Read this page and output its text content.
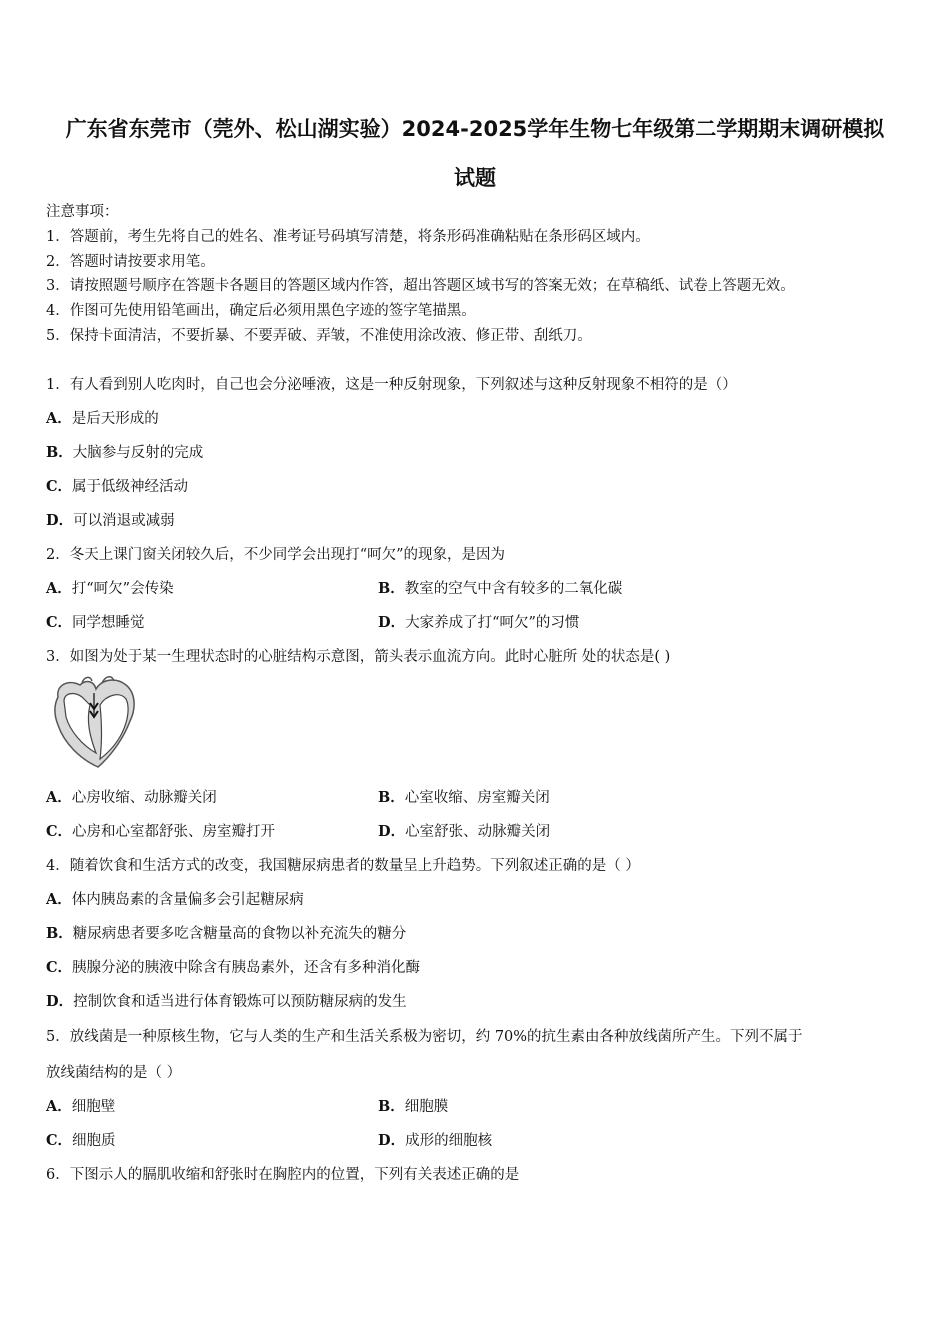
广东省东莞市（莞外、松山湖实验）2024-2025学年生物七年级第二学期期末调研模拟
试题
注意事项：
1．答题前，考生先将自己的姓名、准考证号码填写清楚，将条形码准确粘贴在条形码区域内。
2．答题时请按要求用笔。
3．请按照题号顺序在答题卡各题目的答题区域内作答，超出答题区域书写的答案无效；在草稿纸、试卷上答题无效。
4．作图可先使用铅笔画出，确定后必须用黑色字迹的签字笔描黑。
5．保持卡面清洁，不要折暴、不要弄破、弄皱，不准使用涂改液、修正带、刮纸刀。
1．有人看到别人吃肉时，自己也会分泌唾液，这是一种反射现象，下列叙述与这种反射现象不相符的是（）
A．是后天形成的
B．大脑参与反射的完成
C．属于低级神经活动
D．可以消退或减弱
2．冬天上课门窗关闭较久后，不少同学会出现打“呵欠”的现象，是因为
A．打“呵欠”会传染	B．教室的空气中含有较多的二氧化碳
C．同学想睡觉	D．大家养成了打“呵欠”的习惯
3．如图为处于某一生理状态时的心脏结构示意图，箭头表示血流方向。此时心脏所 处的状态是( )
A．心房收缩、动脉瓣关闭	B．心室收缩、房室瓣关闭
C．心房和心室都舒张、房室瓣打开	D．心室舒张、动脉瓣关闭
4．随着饮食和生活方式的改变，我国糖尿病患者的数量呈上升趋势。下列叙述正确的是（ ）
A．体内胰岛素的含量偏多会引起糖尿病
B．糖尿病患者要多吃含糖量高的食物以补充流失的糖分
C．胰腺分泌的胰液中除含有胰岛素外，还含有多种消化酶
D．控制饮食和适当进行体育锻炼可以预防糖尿病的发生
5．放线菌是一种原核生物，它与人类的生产和生活关系极为密切，约 70%的抗生素由各种放线菌所产生。下列不属于
放线菌结构的是（ ）
A．细胞壁	B．细胞膜
C．细胞质	D．成形的细胞核
6．下图示人的膈肌收缩和舒张时在胸腔内的位置，下列有关表述正确的是
